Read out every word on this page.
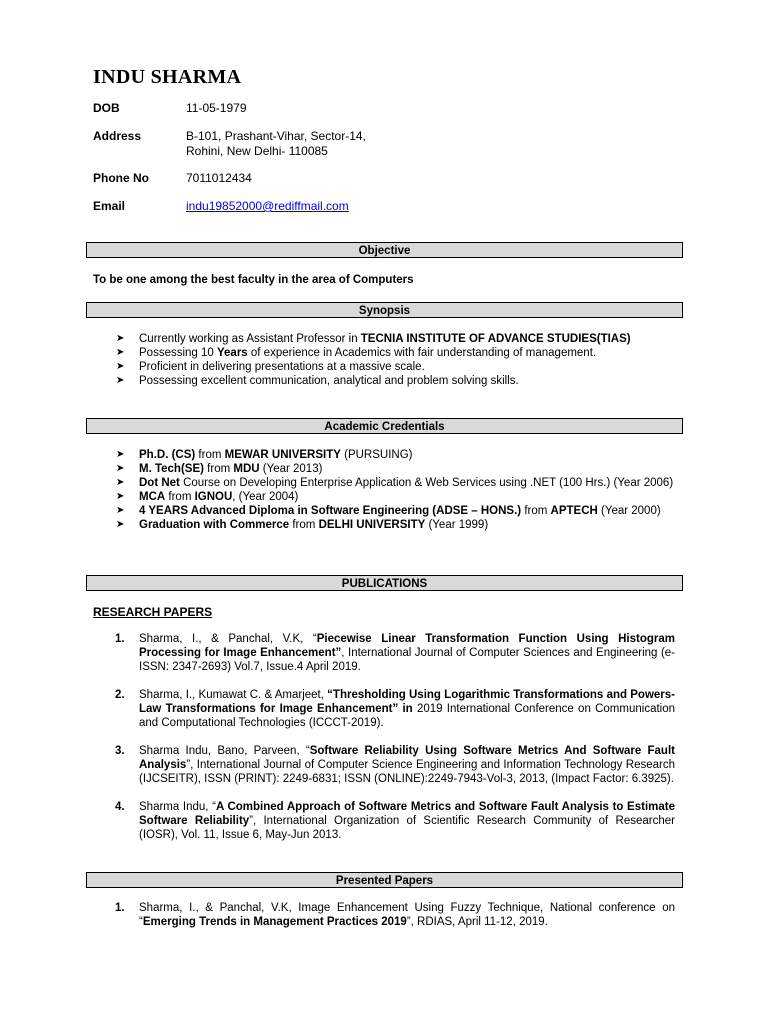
INDU SHARMA
DOB	11-05-1979
Address	B-101, Prashant-Vihar, Sector-14,
Rohini, New Delhi- 110085
Phone No	7011012434
Email	indu19852000@rediffmail.com
Objective
To be one among the best faculty in the area of Computers
Synopsis
➤ Currently working as Assistant Professor in TECNIA INSTITUTE OF ADVANCE STUDIES(TIAS)
➤ Possessing 10 Years of experience in Academics with fair understanding of management.
➤ Proficient in delivering presentations at a massive scale.
➤ Possessing excellent communication, analytical and problem solving skills.
Academic Credentials
➤ Ph.D. (CS) from MEWAR UNIVERSITY (PURSUING)
➤ M. Tech(SE) from MDU (Year 2013)
➤ Dot Net Course on Developing Enterprise Application & Web Services using .NET (100 Hrs.) (Year 2006)
➤ MCA from IGNOU, (Year 2004)
➤ 4 YEARS Advanced Diploma in Software Engineering (ADSE – HONS.) from APTECH (Year 2000)
➤ Graduation with Commerce from DELHI UNIVERSITY (Year 1999)
PUBLICATIONS
RESEARCH PAPERS
1. Sharma, I., & Panchal, V.K, “Piecewise Linear Transformation Function Using Histogram Processing for Image Enhancement”, International Journal of Computer Sciences and Engineering (e-ISSN: 2347-2693) Vol.7, Issue.4 April 2019.
2. Sharma, I., Kumawat C. & Amarjeet, “Thresholding Using Logarithmic Transformations and Powers-Law Transformations for Image Enhancement” in 2019 International Conference on Communication and Computational Technologies (ICCCT-2019).
3. Sharma Indu, Bano, Parveen, “Software Reliability Using Software Metrics And Software Fault Analysis”, International Journal of Computer Science Engineering and Information Technology Research (IJCSEITR), ISSN (PRINT): 2249-6831; ISSN (ONLINE):2249-7943-Vol-3, 2013, (Impact Factor: 6.3925).
4. Sharma Indu, “A Combined Approach of Software Metrics and Software Fault Analysis to Estimate Software Reliability”, International Organization of Scientific Research Community of Researcher (IOSR), Vol. 11, Issue 6, May-Jun 2013.
Presented Papers
1. Sharma, I., & Panchal, V.K, Image Enhancement Using Fuzzy Technique, National conference on “Emerging Trends in Management Practices 2019”, RDIAS, April 11-12, 2019.
